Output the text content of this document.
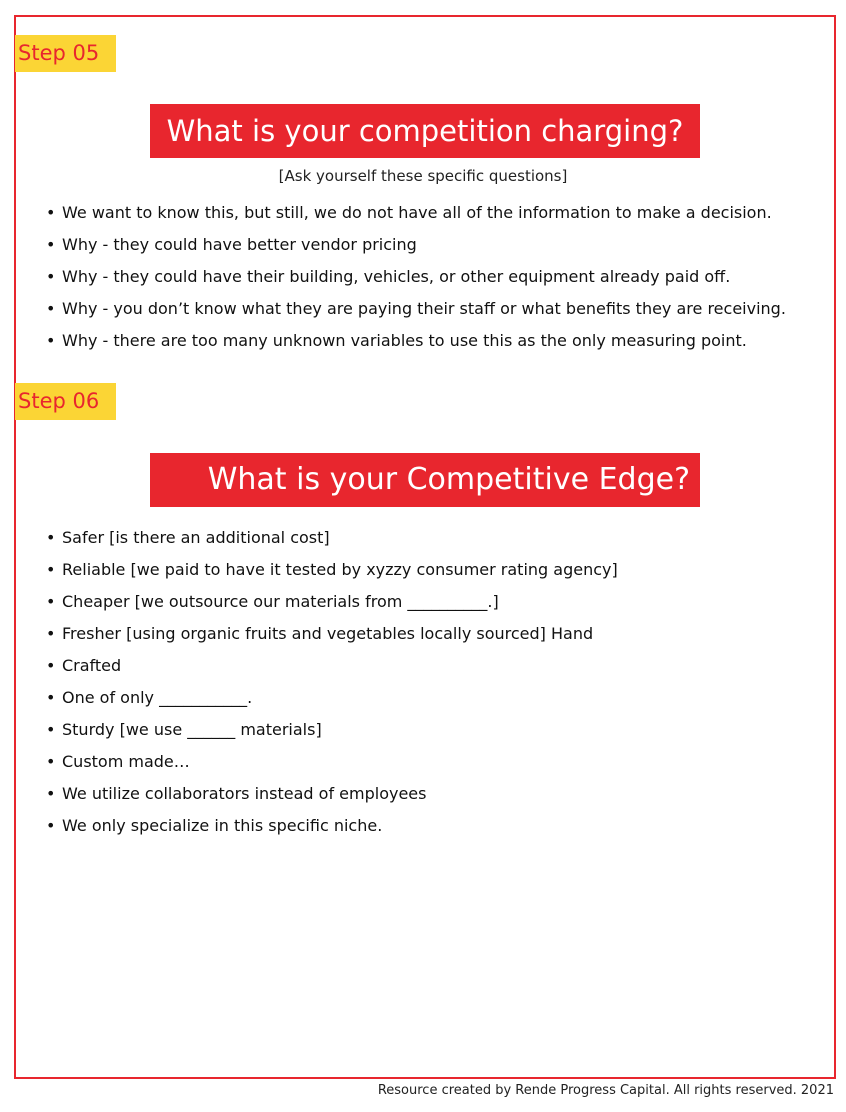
Step 05
What is your competition charging?
[Ask yourself these specific questions]
• We want to know this, but still, we do not have all of the information to make a decision.
• Why - they could have better vendor pricing
• Why - they could have their building, vehicles, or other equipment already paid off.
• Why - you don’t know what they are paying their staff or what benefits they are receiving.
• Why - there are too many unknown variables to use this as the only measuring point.
Step 06
What is your Competitive Edge?
• Safer [is there an additional cost]
• Reliable [we paid to have it tested by xyzzy consumer rating agency]
• Cheaper [we outsource our materials from __________.]
• Fresher [using organic fruits and vegetables locally sourced] Hand
• Crafted
• One of only ___________.
• Sturdy [we use ______ materials]
• Custom made…
• We utilize collaborators instead of employees
• We only specialize in this specific niche.
Resource created by Rende Progress Capital. All rights reserved. 2021
